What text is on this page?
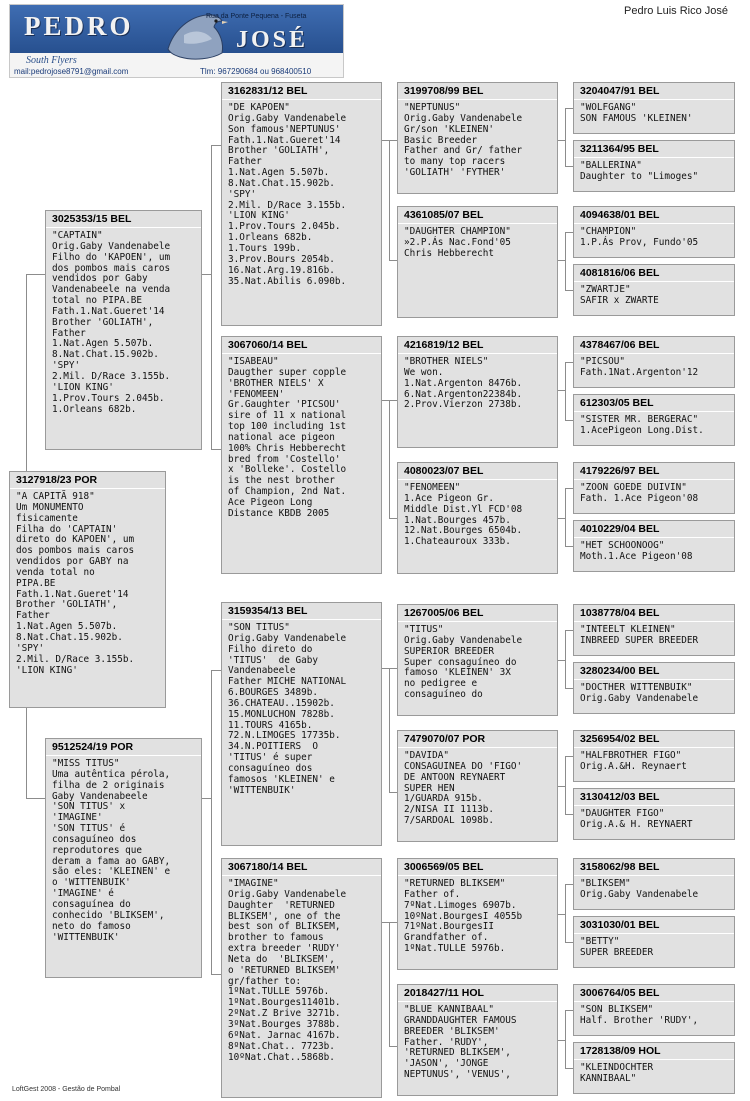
PEDRO	JOSÉ
Rua da Ponte Pequena - Fuseta
South Flyers
mail:pedrojose8791@gmail.com	Tlm: 967290684 ou 968400510
Pedro Luis Rico José
3127918/23 POR
"A CAPITÃ 918"
Um MONUMENTO
fisicamente
Filha do 'CAPTAIN'
direto do KAPOEN', um
dos pombos mais caros
vendidos por GABY na
venda total no
PIPA.BE
Fath.1.Nat.Gueret'14
Brother 'GOLIATH',
Father
1.Nat.Agen 5.507b.
8.Nat.Chat.15.902b.
'SPY'
2.Mil. D/Race 3.155b.
'LION KING'
3025353/15 BEL
"CAPTAIN"
Orig.Gaby Vandenabele
Filho do 'KAPOEN', um
dos pombos mais caros
vendidos por Gaby
Vandenabeele na venda
total no PIPA.BE
Fath.1.Nat.Gueret'14
Brother 'GOLIATH',
Father
1.Nat.Agen 5.507b.
8.Nat.Chat.15.902b.
'SPY'
2.Mil. D/Race 3.155b.
'LION KING'
1.Prov.Tours 2.045b.
1.Orleans 682b.
9512524/19 POR
"MISS TITUS"
Uma autêntica pérola,
filha de 2 originais
Gaby Vandenabeele
'SON TITUS' x
'IMAGINE'
'SON TITUS' é
consaguíneo dos
reprodutores que
deram a fama ao GABY,
são eles: 'KLEINEN' e
o 'WITTENBUIK'
'IMAGINE' é
consaguínea do
conhecido 'BLIKSEM',
neto do famoso
'WITTENBUIK'
3162831/12 BEL
"DE KAPOEN"
Orig.Gaby Vandenabele
Son famous'NEPTUNUS'
Fath.1.Nat.Gueret'14
Brother 'GOLIATH',
Father
1.Nat.Agen 5.507b.
8.Nat.Chat.15.902b.
'SPY'
2.Mil. D/Race 3.155b.
'LION KING'
1.Prov.Tours 2.045b.
1.Orleans 682b.
1.Tours 199b.
3.Prov.Bours 2054b.
16.Nat.Arg.19.816b.
35.Nat.Abilis 6.090b.
3067060/14 BEL
"ISABEAU"
Daugther super copple
'BROTHER NIELS' X
'FENOMEEN'
Gr.Gaughter 'PICSOU'
sire of 11 x national
top 100 including 1st
national ace pigeon
100% Chris Hebberecht
bred from 'Costello'
x 'Bolleke'. Costello
is the nest brother
of Champion, 2nd Nat.
Ace Pigeon Long
Distance KBDB 2005
3159354/13 BEL
"SON TITUS"
Orig.Gaby Vandenabele
Filho direto do
'TITUS'  de Gaby
Vandenabeele
Father MICHE NATIONAL
6.BOURGES 3489b.
36.CHATEAU..15902b.
15.MONLUCHON 7828b.
11.TOURS 4165b.
72.N.LIMOGES 17735b.
34.N.POITIERS  O
'TITUS' é super
consaguíneo dos
famosos 'KLEINEN' e
'WITTENBUIK'
3067180/14 BEL
"IMAGINE"
Orig.Gaby Vandenabele
Daughter  'RETURNED
BLIKSEM', one of the
best son of BLIKSEM,
brother to famous
extra breeder 'RUDY'
Neta do  'BLIKSEM',
o 'RETURNED BLIKSEM'
gr/father to:
1ºNat.TULLE 5976b.
1ºNat.Bourges11401b.
2ºNat.Z Brive 3271b.
3ºNat.Bourges 3788b.
6ºNat. Jarnac 4167b.
8ºNat.Chat.. 7723b.
10ºNat.Chat..5868b.
3199708/99 BEL
"NEPTUNUS"
Orig.Gaby Vandenabele
Gr/son 'KLEINEN'
Basic Breeder
Father and Gr/ father
to many top racers
'GOLIATH' 'FYTHER'
4361085/07 BEL
"DAUGHTER CHAMPION"
»2.P.Ás Nac.Fond'05
Chris Hebberecht
4216819/12 BEL
"BROTHER NIELS"
We won.
1.Nat.Argenton 8476b.
6.Nat.Argenton22384b.
2.Prov.Vierzon 2738b.
4080023/07 BEL
"FENOMEEN"
1.Ace Pigeon Gr.
Middle Dist.Yl FCD'08
1.Nat.Bourges 457b.
12.Nat.Bourges 6504b.
1.Chateauroux 333b.
1267005/06 BEL
"TITUS"
Orig.Gaby Vandenabele
SUPERIOR BREEDER
Super consaguíneo do
famoso 'KLEINEN' 3X
no pedigree e
consaguíneo do
7479070/07 POR
"DAVIDA"
CONSAGUINEA DO 'FIGO'
DE ANTOON REYNAERT
SUPER HEN
1/GUARDA 915b.
2/NISA II 1113b.
7/SARDOAL 1098b.
3006569/05 BEL
"RETURNED BLIKSEM"
Father of.
7ºNat.Limoges 6907b.
10ºNat.BourgesI 4055b
71ºNat.BourgesII
Grandfather of.
1ºNat.TULLE 5976b.
2018427/11 HOL
"BLUE KANNIBAAL"
GRANDDAUGHTER FAMOUS
BREEDER 'BLIKSEM'
Father. 'RUDY',
'RETURNED BLIKSEM',
'JASON', 'JONGE
NEPTUNUS', 'VENUS',
3204047/91 BEL
"WOLFGANG"
SON FAMOUS 'KLEINEN'
3211364/95 BEL
"BALLERINA"
Daughter to "Limoges"
4094638/01 BEL
"CHAMPION"
1.P.Ás Prov, Fundo'05
4081816/06 BEL
"ZWARTJE"
SAFIR x ZWARTE
4378467/06 BEL
"PICSOU"
Fath.1Nat.Argenton'12
612303/05 BEL
"SISTER MR. BERGERAC"
1.AcePigeon Long.Dist.
4179226/97 BEL
"ZOON GOEDE DUIVIN"
Fath. 1.Ace Pigeon'08
4010229/04 BEL
"HET SCHOONOOG"
Moth.1.Ace Pigeon'08
1038778/04 BEL
"INTEELT KLEINEN"
INBREED SUPER BREEDER
3280234/00 BEL
"DOCTHER WITTENBUIK"
Orig.Gaby Vandenabele
3256954/02 BEL
"HALFBROTHER FIGO"
Orig.A.&H. Reynaert
3130412/03 BEL
"DAUGHTER FIGO"
Orig.A.& H. REYNAERT
3158062/98 BEL
"BLIKSEM"
Orig.Gaby Vandenabele
3031030/01 BEL
"BETTY"
SUPER BREEDER
3006764/05 BEL
"SON BLIKSEM"
Half. Brother 'RUDY',
1728138/09 HOL
"KLEINDOCHTER
KANNIBAAL"
LoftGest 2008 - Gestão de Pombal
